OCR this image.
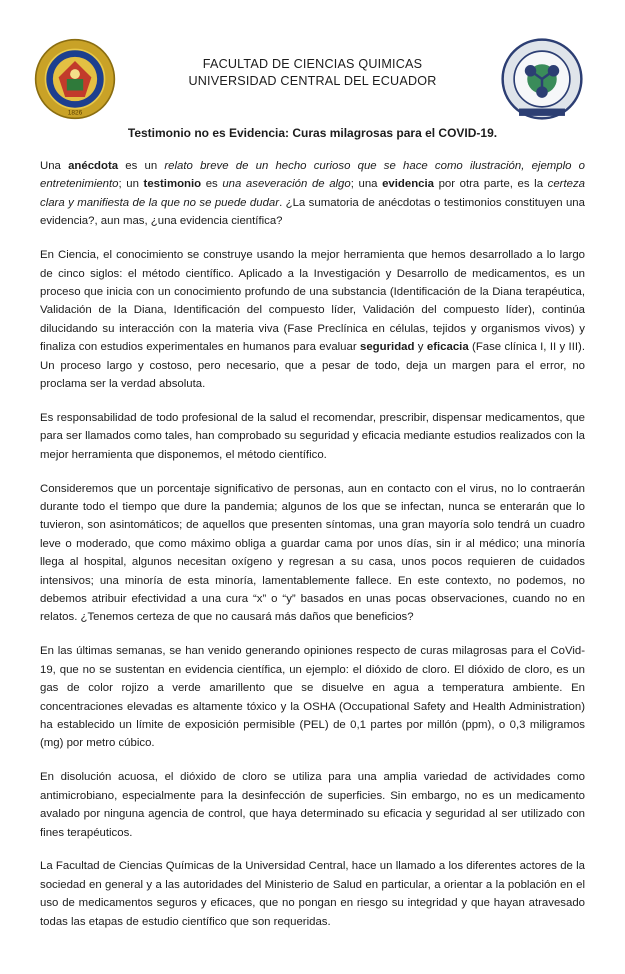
1826
FACULTAD DE CIENCIAS QUIMICAS
UNIVERSIDAD CENTRAL DEL ECUADOR
Testimonio no es Evidencia: Curas milagrosas para el COVID-19.

Una anécdota es un relato breve de un hecho curioso que se hace como ilustración, ejemplo o entretenimiento; un testimonio es una aseveración de algo; una evidencia por otra parte, es la certeza clara y manifiesta de la que no se puede dudar. ¿La sumatoria de anécdotas o testimonios constituyen una evidencia?, aun mas, ¿una evidencia científica?

En Ciencia, el conocimiento se construye usando la mejor herramienta que hemos desarrollado a lo largo de cinco siglos: el método científico. Aplicado a la Investigación y Desarrollo de medicamentos, es un proceso que inicia con un conocimiento profundo de una substancia (Identificación de la Diana terapéutica, Validación de la Diana, Identificación del compuesto líder, Validación del compuesto líder), continúa dilucidando su interacción con la materia viva (Fase Preclínica en células, tejidos y organismos vivos) y finaliza con estudios experimentales en humanos para evaluar seguridad y eficacia (Fase clínica I, II y III). Un proceso largo y costoso, pero necesario, que a pesar de todo, deja un margen para el error, no proclama ser la verdad absoluta.

Es responsabilidad de todo profesional de la salud el recomendar, prescribir, dispensar medicamentos, que para ser llamados como tales, han comprobado su seguridad y eficacia mediante estudios realizados con la mejor herramienta que disponemos, el método científico.

Consideremos que un porcentaje significativo de personas, aun en contacto con el virus, no lo contraerán durante todo el tiempo que dure la pandemia; algunos de los que se infectan, nunca se enterarán que lo tuvieron, son asintomáticos; de aquellos que presenten síntomas, una gran mayoría solo tendrá un cuadro leve o moderado, que como máximo obliga a guardar cama por unos días, sin ir al médico; una minoría llega al hospital, algunos necesitan oxígeno y regresan a su casa, unos pocos requieren de cuidados intensivos; una minoría de esta minoría, lamentablemente fallece. En este contexto, no podemos, no debemos atribuir efectividad a una cura “x” o “y” basados en unas pocas observaciones, cuando no en relatos. ¿Tenemos certeza de que no causará más daños que beneficios?

En las últimas semanas, se han venido generando opiniones respecto de curas milagrosas para el CoVid-19, que no se sustentan en evidencia científica, un ejemplo: el dióxido de cloro. El dióxido de cloro, es un gas de color rojizo a verde amarillento que se disuelve en agua a temperatura ambiente. En concentraciones elevadas es altamente tóxico y la OSHA (Occupational Safety and Health Administration) ha establecido un límite de exposición permisible (PEL) de 0,1 partes por millón (ppm), o 0,3 miligramos (mg) por metro cúbico.

En disolución acuosa, el dióxido de cloro se utiliza para una amplia variedad de actividades como antimicrobiano, especialmente para la desinfección de superficies. Sin embargo, no es un medicamento avalado por ninguna agencia de control, que haya determinado su eficacia y seguridad al ser utilizado con fines terapéuticos.

La Facultad de Ciencias Químicas de la Universidad Central, hace un llamado a los diferentes actores de la sociedad en general y a las autoridades del Ministerio de Salud en particular, a orientar a la población en el uso de medicamentos seguros y eficaces, que no pongan en riesgo su integridad y que hayan atravesado todas las etapas de estudio científico que son requeridas.
